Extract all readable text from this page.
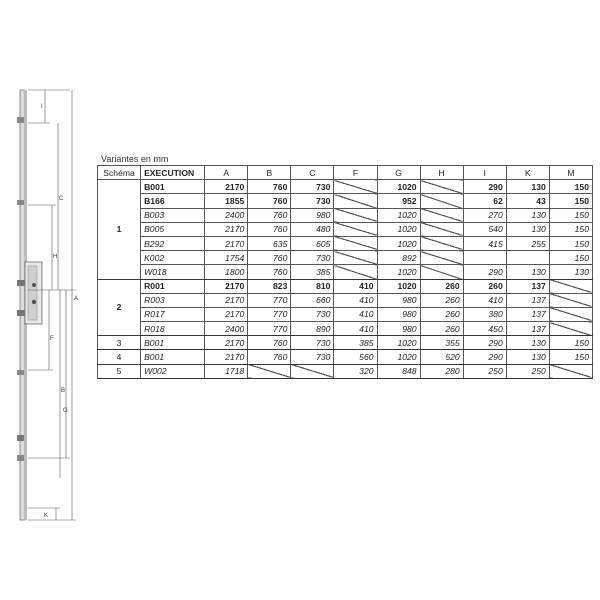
I
C
H
F
A
B
G
K
Variantes en mm
Schéma	EXECUTION	A	B	C	F	G	H	I	K	M
1	B001	2170	760	730		1020		290	130	150
	B166	1855	760	730		952		62	43	150
	B003	2400	760	980		1020		270	130	150
	B005	2170	760	480		1020		540	130	150
	B292	2170	635	605		1020		415	255	150
	K002	1754	760	730		892				150
	W018	1800	760	385		1020		290	130	130
2	R001	2170	823	810	410	1020	260	260	137	
	R003	2170	770	660	410	980	260	410	137	
	R017	2170	770	730	410	980	260	380	137	
	R018	2400	770	890	410	980	260	450	137	
3	B001	2170	760	730	385	1020	355	290	130	150
4	B001	2170	760	730	560	1020	520	290	130	150
5	W002	1718			320	848	280	250	250	
